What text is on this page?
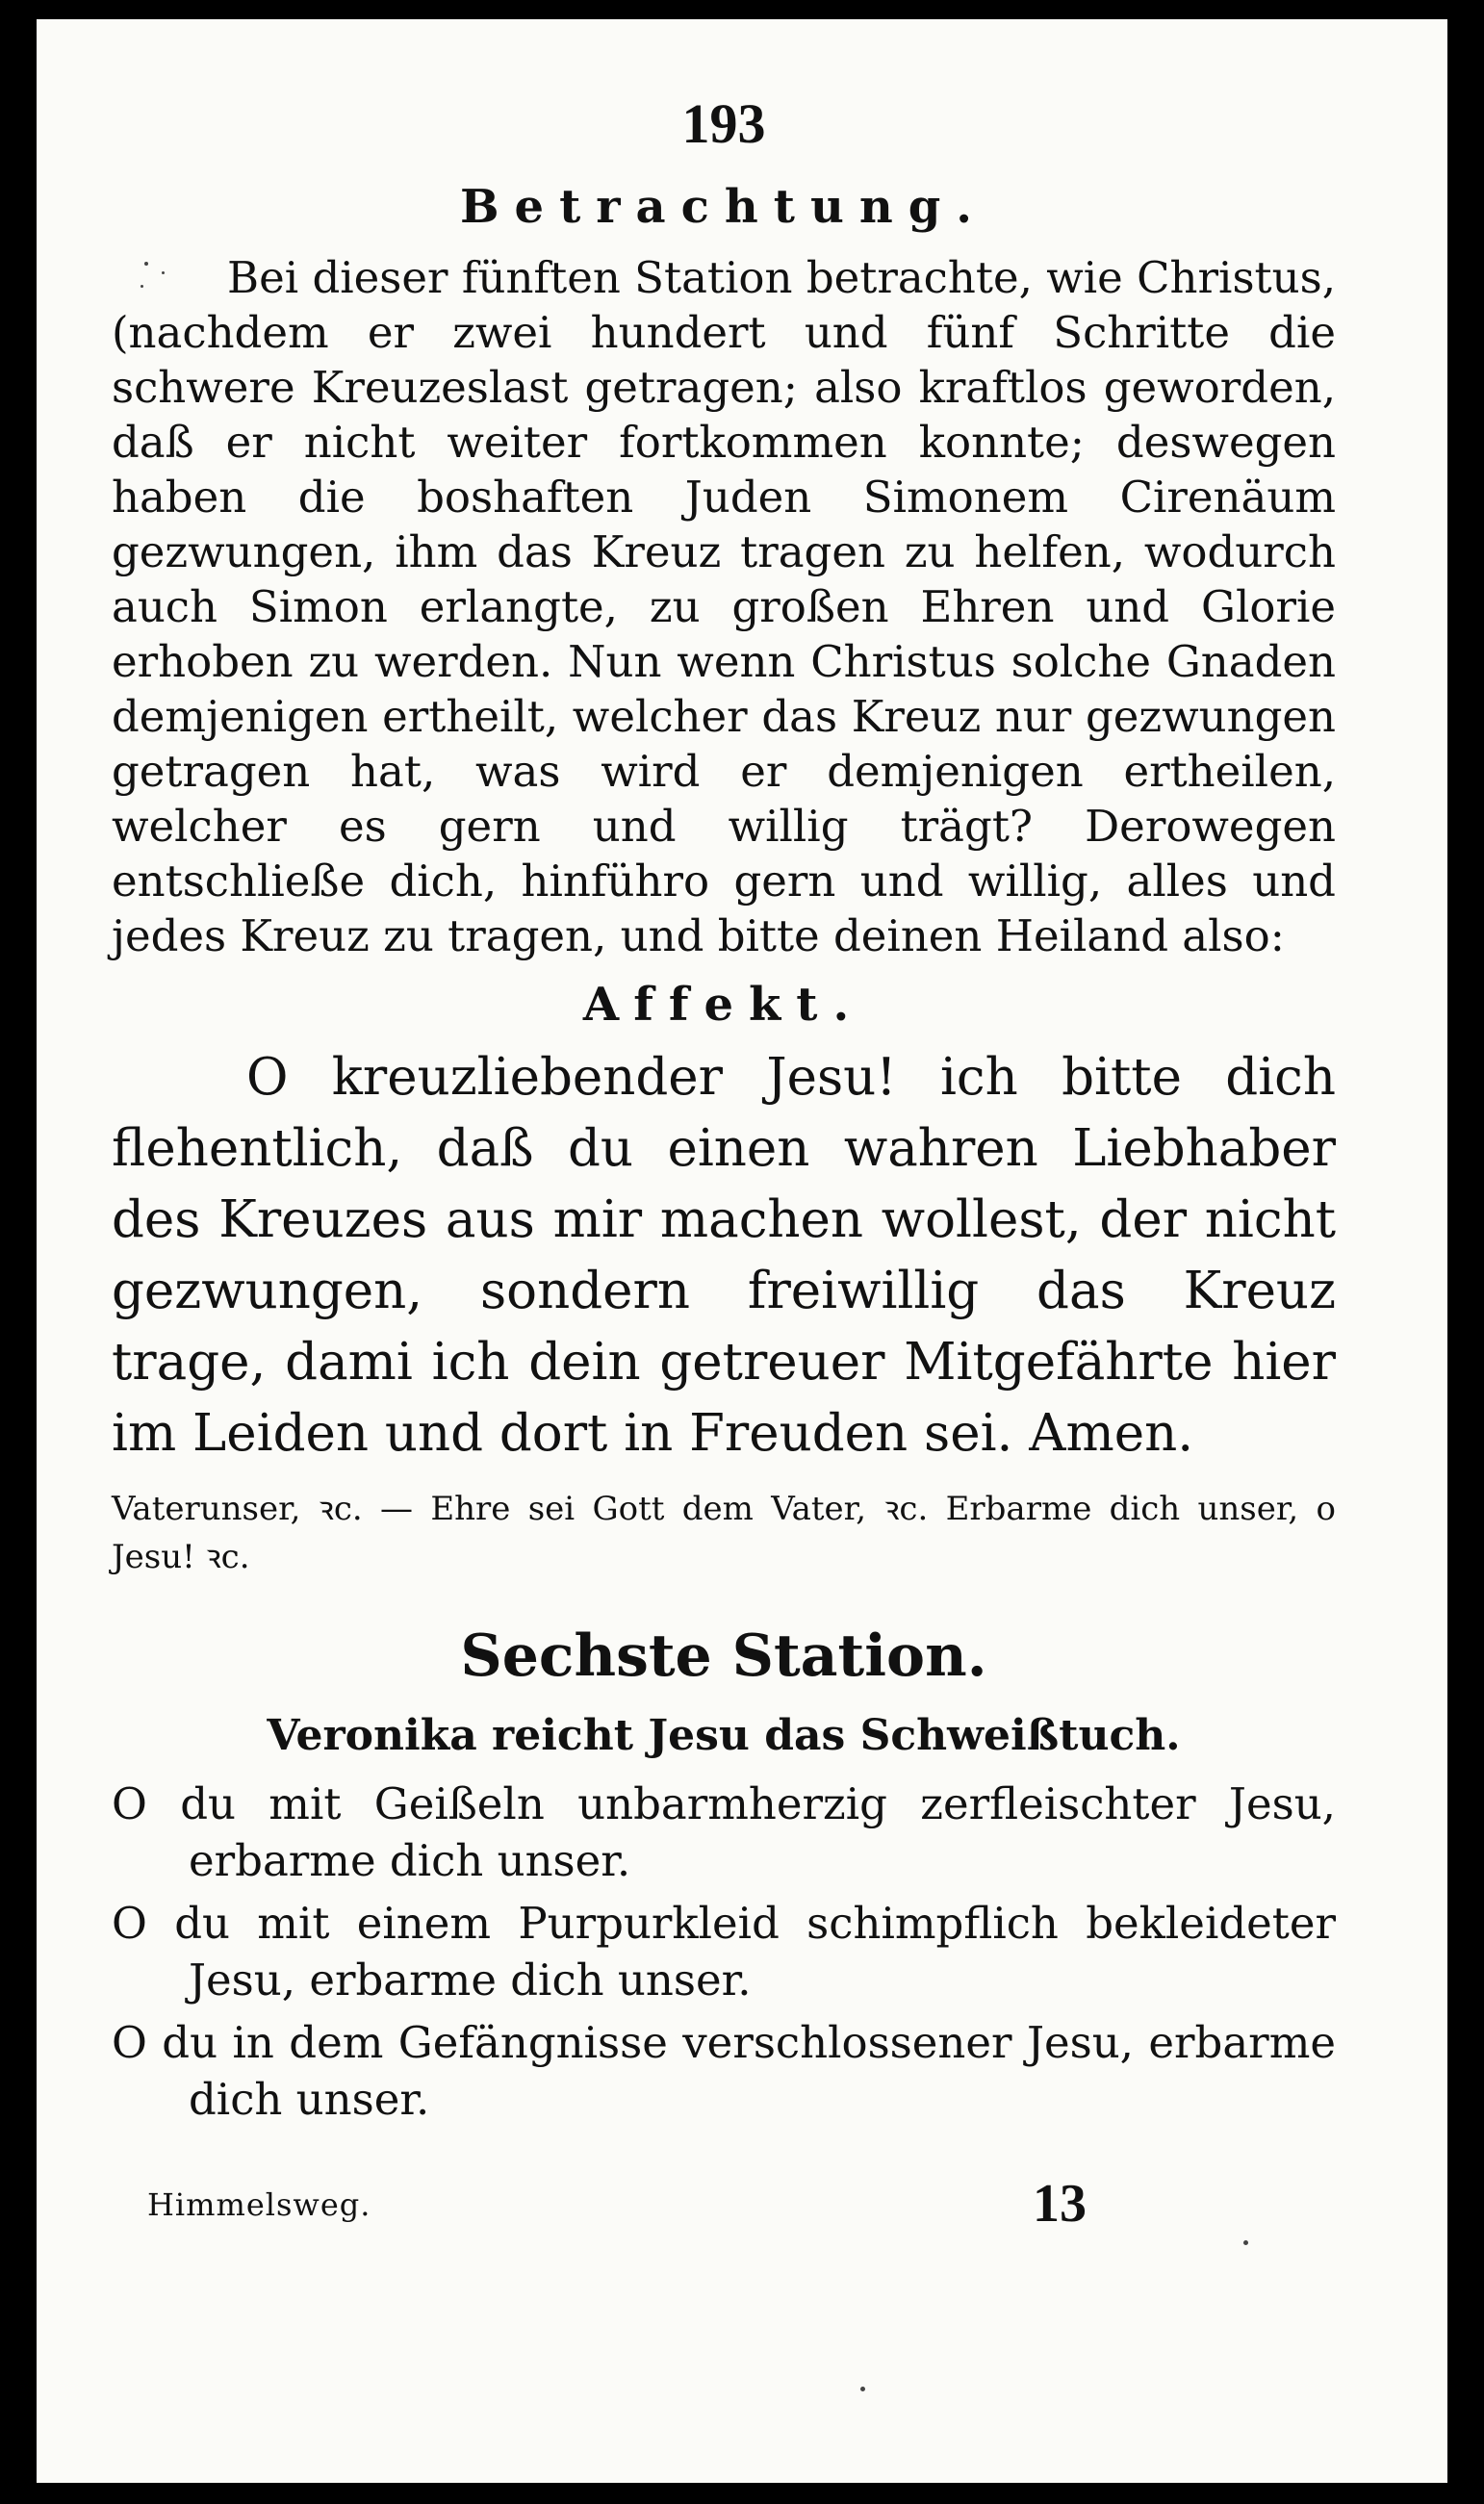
193
Betrachtung.

Bei dieser fünften Station betrachte, wie Christus, (nachdem er zwei hundert und fünf Schritte die schwere Kreuzeslast getragen; also kraftlos geworden, daß er nicht weiter fortkommen konnte; deswegen haben die boshaften Juden Simonem Cirenäum gezwungen, ihm das Kreuz tragen zu helfen, wodurch auch Simon erlangte, zu großen Ehren und Glorie erhoben zu werden. Nun wenn Christus solche Gnaden demjenigen ertheilt, welcher das Kreuz nur gezwungen getragen hat, was wird er demjenigen ertheilen, welcher es gern und willig trägt? Derowegen entschließe dich, hinführo gern und willig, alles und jedes Kreuz zu tragen, und bitte deinen Heiland also:

Affekt.

O kreuzliebender Jesu! ich bitte dich flehentlich, daß du einen wahren Liebhaber des Kreuzes aus mir machen wollest, der nicht gezwungen, sondern freiwillig das Kreuz trage, dami ich dein getreuer Mitgefährte hier im Leiden und dort in Freuden sei. Amen.

Vaterunser, ꝛc. — Ehre sei Gott dem Vater, ꝛc. Erbarme dich unser, o Jesu! ꝛc.

Sechste Station.
Veronika reicht Jesu das Schweißtuch.

O du mit Geißeln unbarmherzig zerfleischter Jesu, erbarme dich unser.

O du mit einem Purpurkleid schimpflich bekleideter Jesu, erbarme dich unser.

O du in dem Gefängnisse verschlossener Jesu, erbarme dich unser.

Himmelsweg.	13
